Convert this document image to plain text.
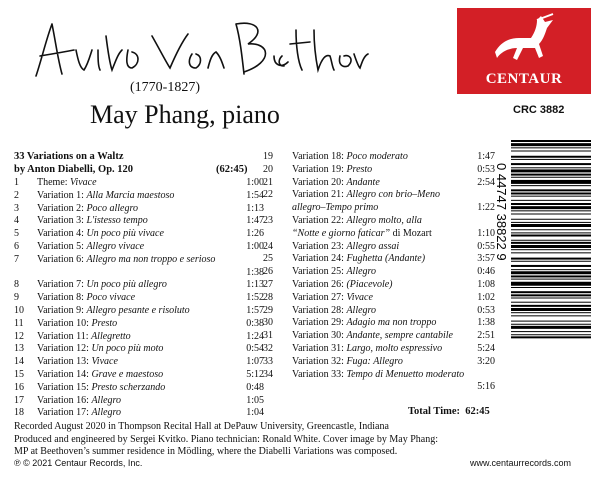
(1770-1827)
May Phang, piano
CENTAUR
CRC 3882
33 Variations on a Waltz
by Anton Diabelli, Op. 120	(62:45)
1 Theme: Vivace	1:00
2 Variation 1: Alla Marcia maestoso	1:54
3 Variation 2: Poco allegro	1:13
4 Variation 3: L'istesso tempo	1:47
5 Variation 4: Un poco più vivace	1:26
6 Variation 5: Allegro vivace	1:00
7 Variation 6: Allegro ma non troppo e serioso
1:38
8 Variation 7: Un poco più allegro	1:13
9 Variation 8: Poco vivace	1:52
10 Variation 9: Allegro pesante e risoluto	1:57
11 Variation 10: Presto	0:38
12 Variation 11: Allegretto	1:24
13 Variation 12: Un poco più moto	0:54
14 Variation 13: Vivace	1:07
15 Variation 14: Grave e maestoso	5:12
16 Variation 15: Presto scherzando	0:48
17 Variation 16: Allegro	1:05
18 Variation 17: Allegro	1:04
19 Variation 18: Poco moderato	1:47
20 Variation 19: Presto	0:53
21 Variation 20: Andante	2:54
22 Variation 21: Allegro con brio–Meno
allegro–Tempo primo	1:22
23 Variation 22: Allegro molto, alla
“Notte e giorno faticar” di Mozart	1:10
24 Variation 23: Allegro assai	0:55
25 Variation 24: Fughetta (Andante)	3:57
26 Variation 25: Allegro	0:46
27 Variation 26: (Piacevole)	1:08
28 Variation 27: Vivace	1:02
29 Variation 28: Allegro	0:53
30 Variation 29: Adagio ma non troppo	1:38
31 Variation 30: Andante, sempre cantabile	2:51
32 Variation 31: Largo, molto espressivo	5:24
33 Variation 32: Fuga: Allegro	3:20
34 Variation 33: Tempo di Menuetto moderato
5:16
Total Time: 62:45
0 44747 38822 9
Recorded August 2020 in Thompson Recital Hall at DePauw University, Greencastle, Indiana
Produced and engineered by Sergei Kvitko. Piano technician: Ronald White. Cover image by May Phang:
MP at Beethoven’s summer residence in Mödling, where the Diabelli Variations was composed.
℗ © 2021 Centaur Records, Inc.	www.centaurrecords.com
